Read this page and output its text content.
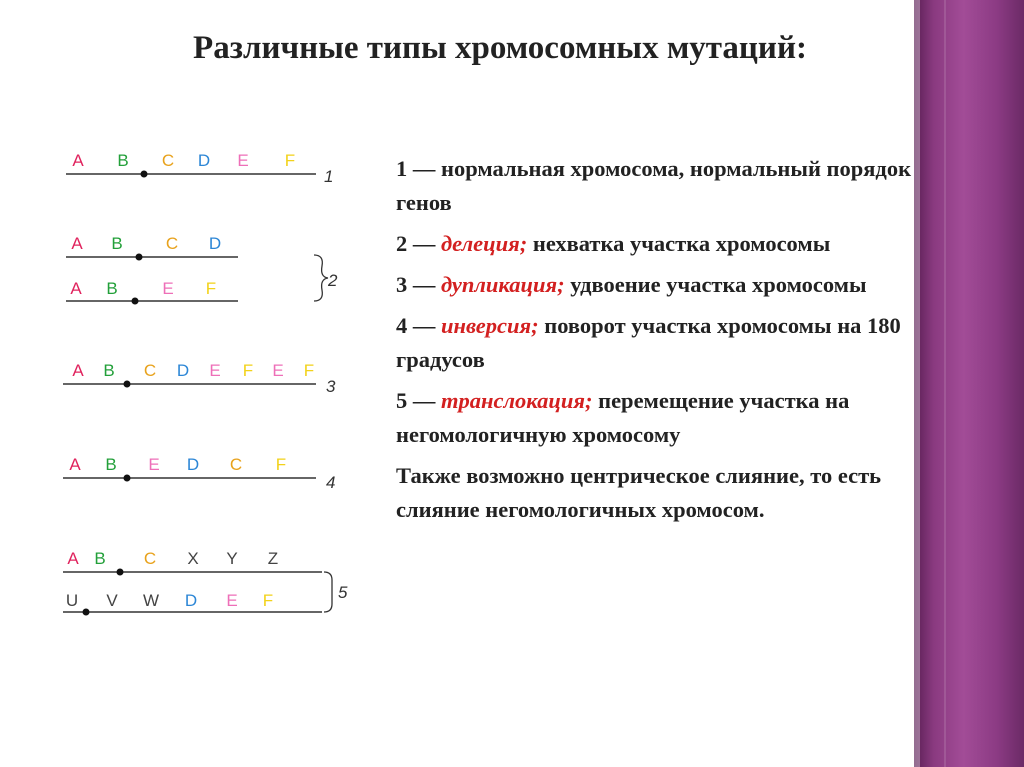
Различные типы хромосомных мутаций:
A B C D E F
1
A B	C D
A B	E F	2
A B C D E F E F
3
A B E D C F
4
A B C X Y Z
U V W D E F	5

1 — нормальная хромосома, нормальный порядок генов

2 — делеция; нехватка участка хромосомы

3 — дупликация; удвоение участка хромосомы

4 — инверсия; поворот участка хромосомы на 180 градусов

5 — транслокация; перемещение участка на негомологичную хромосому

Также возможно центрическое слияние, то есть слияние негомологичных хромосом.
